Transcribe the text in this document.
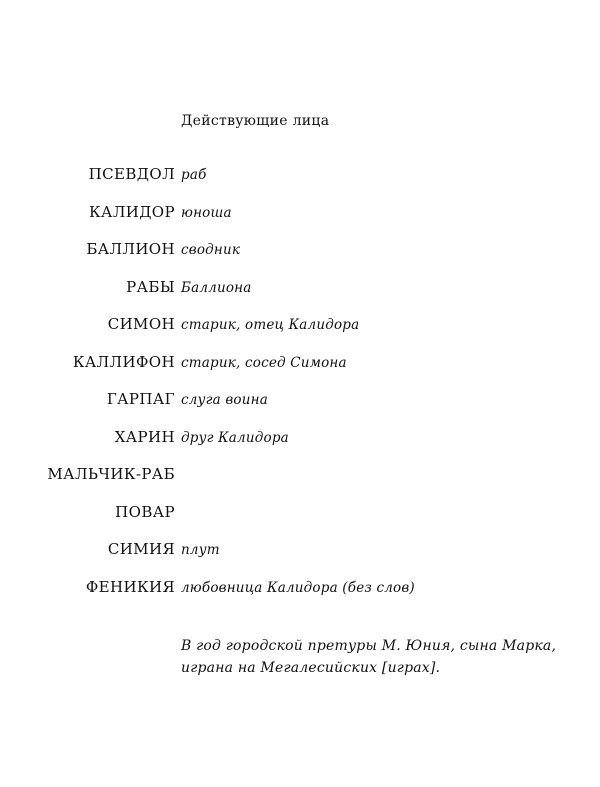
Действующие лица
ПСЕВДОЛ раб
КАЛИДОР юноша
БАЛЛИОН сводник
РАБЫ Баллиона
СИМОН старик, отец Калидора
КАЛЛИФОН старик, сосед Симона
ГАРПАГ слуга воина
ХАРИН друг Калидора
МАЛЬЧИК-РАБ
ПОВАР
СИМИЯ плут
ФЕНИКИЯ любовница Калидора (без слов)
В год городской претуры М. Юния, сына Марка,
играна на Мегалесийских [играх].
